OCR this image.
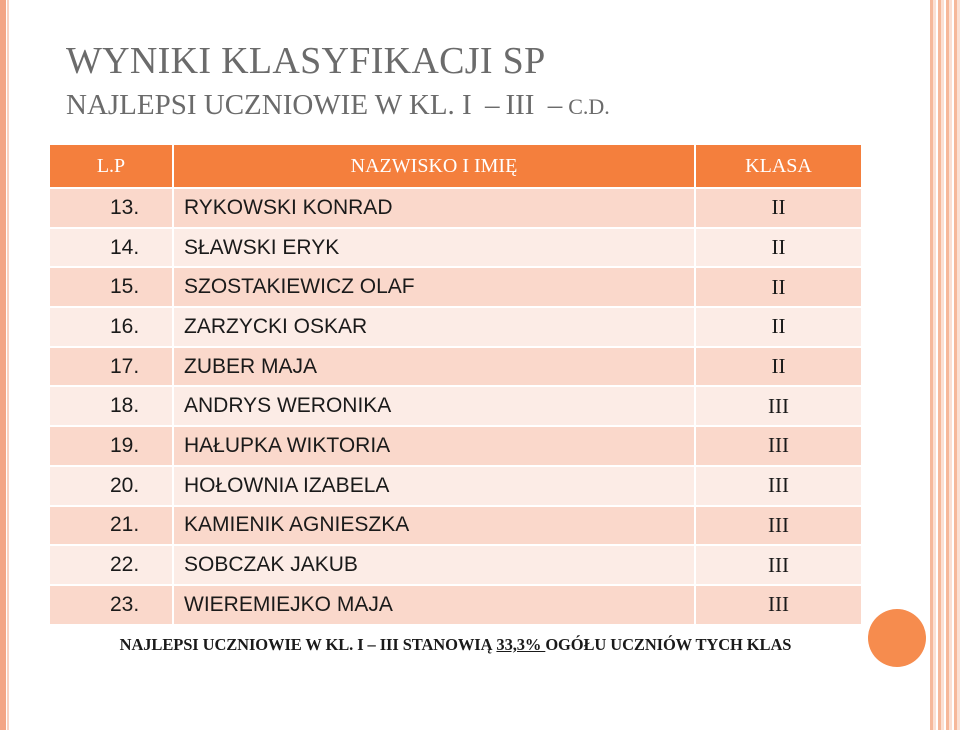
WYNIKI KLASYFIKACJI SP
NAJLEPSI UCZNIOWIE W KL. I – III – C.D.
L.P	NAZWISKO I IMIĘ	KLASA
13.	RYKOWSKI KONRAD	II
14.	SŁAWSKI ERYK	II
15.	SZOSTAKIEWICZ OLAF	II
16.	ZARZYCKI OSKAR	II
17.	ZUBER MAJA	II
18.	ANDRYS WERONIKA	III
19.	HAŁUPKA WIKTORIA	III
20.	HOŁOWNIA IZABELA	III
21.	KAMIENIK AGNIESZKA	III
22.	SOBCZAK JAKUB	III
23.	WIEREMIEJKO MAJA	III
NAJLEPSI UCZNIOWIE W KL. I – III STANOWIĄ 33,3% OGÓŁU UCZNIÓW TYCH KLAS		
